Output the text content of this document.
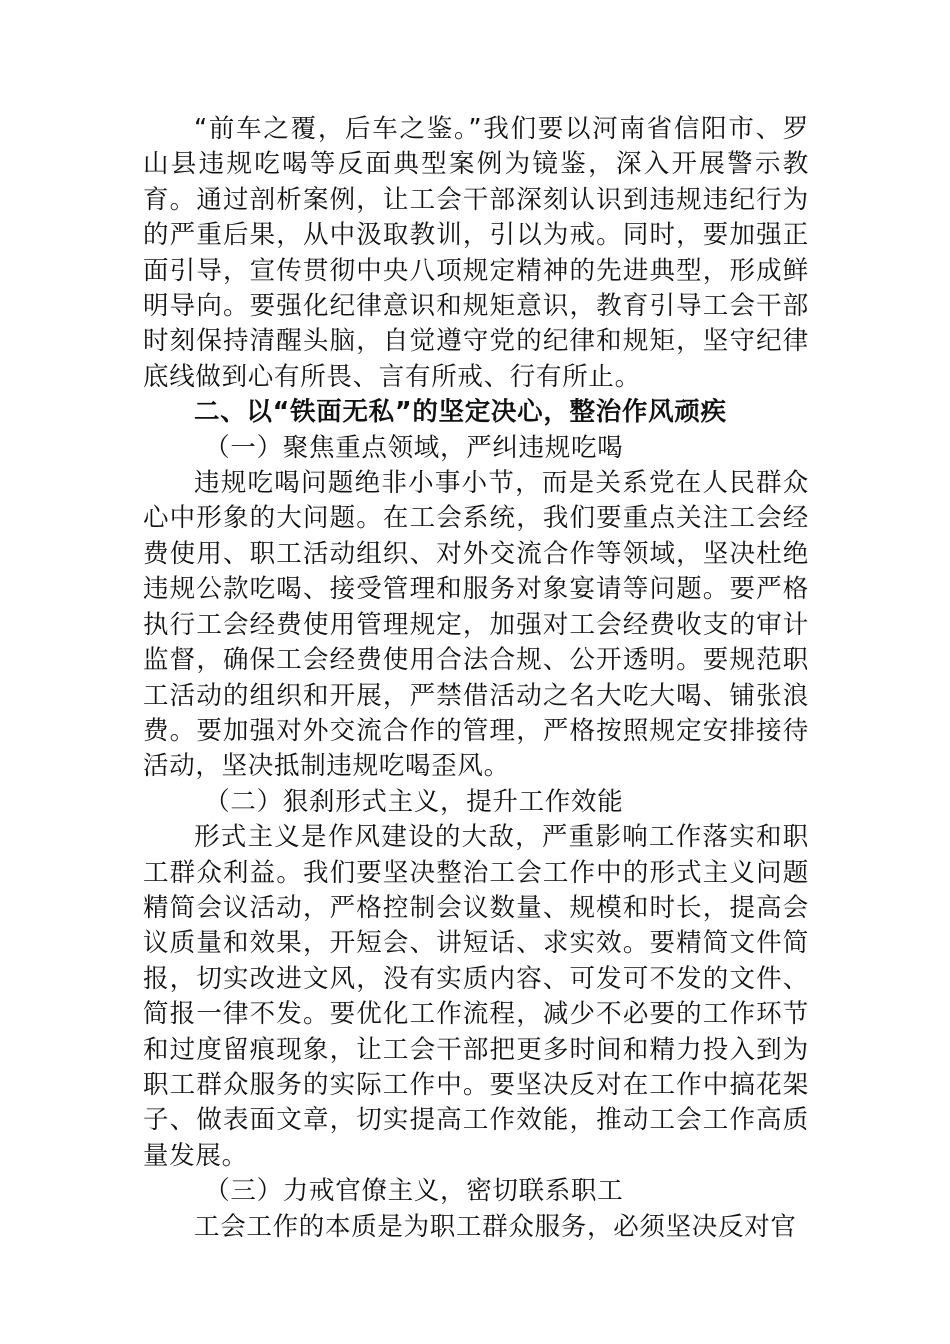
“前车之覆，后车之鉴。”我们要以河南省信阳市、罗山县违规吃喝等反面典型案例为镜鉴，深入开展警示教育。通过剖析案例，让工会干部深刻认识到违规违纪行为的严重后果，从中汲取教训，引以为戒。同时，要加强正面引导，宣传贯彻中央八项规定精神的先进典型，形成鲜明导向。要强化纪律意识和规矩意识，教育引导工会干部时刻保持清醒头脑，自觉遵守党的纪律和规矩，坚守纪律底线做到心有所畏、言有所戒、行有所止。

二、以“铁面无私”的坚定决心，整治作风顽疾

（一）聚焦重点领域，严纠违规吃喝

违规吃喝问题绝非小事小节，而是关系党在人民群众心中形象的大问题。在工会系统，我们要重点关注工会经费使用、职工活动组织、对外交流合作等领域，坚决杜绝违规公款吃喝、接受管理和服务对象宴请等问题。要严格执行工会经费使用管理规定，加强对工会经费收支的审计监督，确保工会经费使用合法合规、公开透明。要规范职工活动的组织和开展，严禁借活动之名大吃大喝、铺张浪费。要加强对外交流合作的管理，严格按照规定安排接待活动，坚决抵制违规吃喝歪风。

（二）狠刹形式主义，提升工作效能

形式主义是作风建设的大敌，严重影响工作落实和职工群众利益。我们要坚决整治工会工作中的形式主义问题精简会议活动，严格控制会议数量、规模和时长，提高会议质量和效果，开短会、讲短话、求实效。要精简文件简报，切实改进文风，没有实质内容、可发可不发的文件、简报一律不发。要优化工作流程，减少不必要的工作环节和过度留痕现象，让工会干部把更多时间和精力投入到为职工群众服务的实际工作中。要坚决反对在工作中搞花架子、做表面文章，切实提高工作效能，推动工会工作高质量发展。

（三）力戒官僚主义，密切联系职工

工会工作的本质是为职工群众服务，必须坚决反对官
